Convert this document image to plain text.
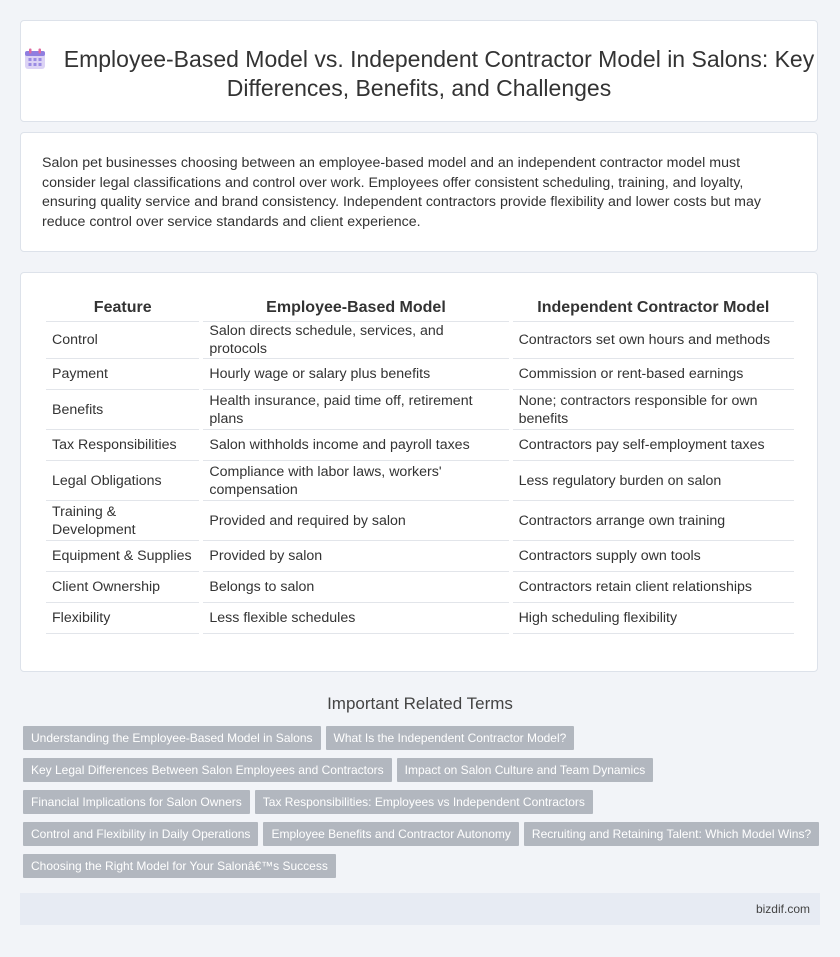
Employee-Based Model vs. Independent Contractor Model in Salons: Key Differences, Benefits, and Challenges
Salon pet businesses choosing between an employee-based model and an independent contractor model must consider legal classifications and control over work. Employees offer consistent scheduling, training, and loyalty, ensuring quality service and brand consistency. Independent contractors provide flexibility and lower costs but may reduce control over service standards and client experience.
Feature	Employee-Based Model	Independent Contractor Model
Control	Salon directs schedule, services, and protocols	Contractors set own hours and methods
Payment	Hourly wage or salary plus benefits	Commission or rent-based earnings
Benefits	Health insurance, paid time off, retirement plans	None; contractors responsible for own benefits
Tax Responsibilities	Salon withholds income and payroll taxes	Contractors pay self-employment taxes
Legal Obligations	Compliance with labor laws, workers' compensation	Less regulatory burden on salon
Training & Development	Provided and required by salon	Contractors arrange own training
Equipment & Supplies	Provided by salon	Contractors supply own tools
Client Ownership	Belongs to salon	Contractors retain client relationships
Flexibility	Less flexible schedules	High scheduling flexibility
Important Related Terms
Understanding the Employee-Based Model in Salons What Is the Independent Contractor Model?
Key Legal Differences Between Salon Employees and Contractors Impact on Salon Culture and Team Dynamics
Financial Implications for Salon Owners Tax Responsibilities: Employees vs Independent Contractors
Control and Flexibility in Daily Operations Employee Benefits and Contractor Autonomy Recruiting and Retaining Talent: Which Model Wins?
Choosing the Right Model for Your Salonâ€™s Success
bizdif.com
